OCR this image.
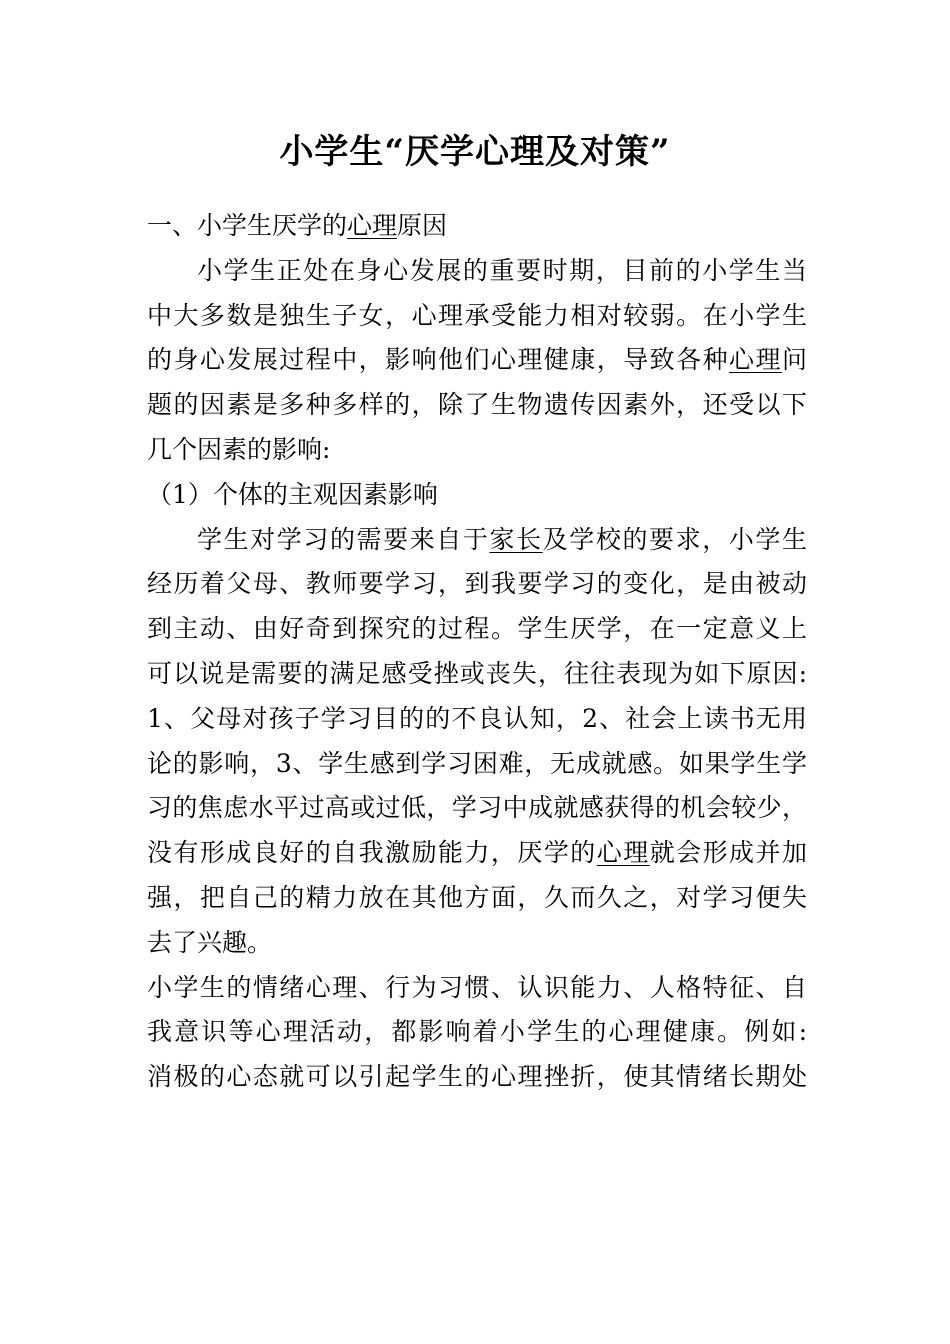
小学生“厌学心理及对策”
一、小学生厌学的心理原因
小学生正处在身心发展的重要时期，目前的小学生当
中大多数是独生子女，心理承受能力相对较弱。在小学生
的身心发展过程中，影响他们心理健康，导致各种心理问
题的因素是多种多样的，除了生物遗传因素外，还受以下
几个因素的影响:
（1）个体的主观因素影响
学生对学习的需要来自于家长及学校的要求，小学生
经历着父母、教师要学习，到我要学习的变化，是由被动
到主动、由好奇到探究的过程。学生厌学，在一定意义上
可以说是需要的满足感受挫或丧失，往往表现为如下原因:
1、父母对孩子学习目的的不良认知，2、社会上读书无用
论的影响，3、学生感到学习困难，无成就感。如果学生学
习的焦虑水平过高或过低，学习中成就感获得的机会较少，
没有形成良好的自我激励能力，厌学的心理就会形成并加
强，把自己的精力放在其他方面，久而久之，对学习便失
去了兴趣。
小学生的情绪心理、行为习惯、认识能力、人格特征、自
我意识等心理活动，都影响着小学生的心理健康。例如:
消极的心态就可以引起学生的心理挫折，使其情绪长期处
